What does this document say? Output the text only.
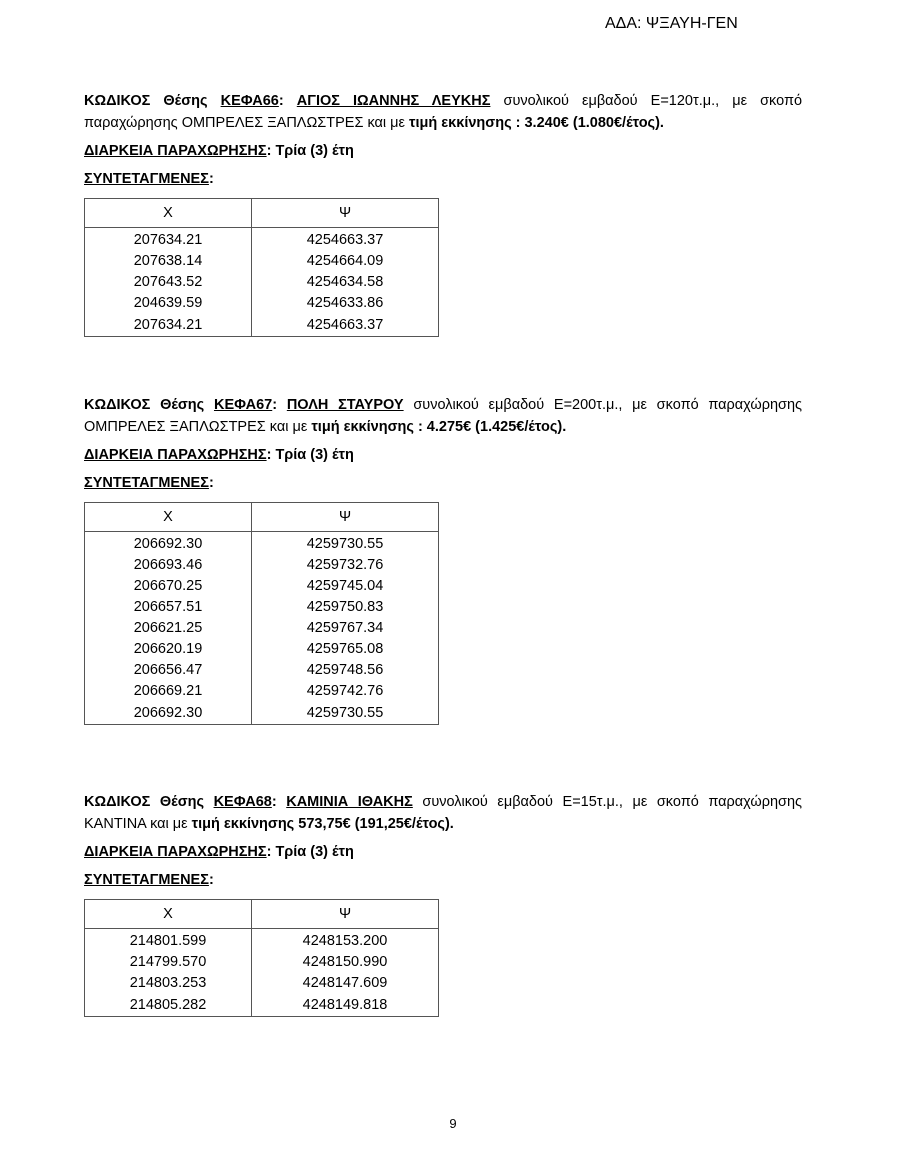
ΑΔΑ: ΨΞΑΥΗ-ΓΕΝ

ΚΩΔΙΚΟΣ Θέσης ΚΕΦΑ66: ΑΓΙΟΣ ΙΩΑΝΝΗΣ ΛΕΥΚΗΣ συνολικού εμβαδού Ε=120τ.μ., με σκοπό παραχώρησης ΟΜΠΡΕΛΕΣ ΞΑΠΛΩΣΤΡΕΣ και με τιμή εκκίνησης : 3.240€ (1.080€/έτος).

ΔΙΑΡΚΕΙΑ ΠΑΡΑΧΩΡΗΣΗΣ: Τρία (3) έτη
ΣΥΝΤΕΤΑΓΜΕΝΕΣ:
Χ	Ψ
207634.21	4254663.37
207638.14	4254664.09
207643.52	4254634.58
204639.59	4254633.86
207634.21	4254663.37

ΚΩΔΙΚΟΣ Θέσης ΚΕΦΑ67: ΠΟΛΗ ΣΤΑΥΡΟΥ συνολικού εμβαδού Ε=200τ.μ., με σκοπό παραχώρησης ΟΜΠΡΕΛΕΣ ΞΑΠΛΩΣΤΡΕΣ και με τιμή εκκίνησης : 4.275€ (1.425€/έτος).

ΔΙΑΡΚΕΙΑ ΠΑΡΑΧΩΡΗΣΗΣ: Τρία (3) έτη
ΣΥΝΤΕΤΑΓΜΕΝΕΣ:
Χ	Ψ
206692.30	4259730.55
206693.46	4259732.76
206670.25	4259745.04
206657.51	4259750.83
206621.25	4259767.34
206620.19	4259765.08
206656.47	4259748.56
206669.21	4259742.76
206692.30	4259730.55

ΚΩΔΙΚΟΣ Θέσης ΚΕΦΑ68: ΚΑΜΙΝΙΑ ΙΘΑΚΗΣ συνολικού εμβαδού Ε=15τ.μ., με σκοπό παραχώρησης ΚΑΝΤΙΝΑ και με τιμή εκκίνησης 573,75€ (191,25€/έτος).

ΔΙΑΡΚΕΙΑ ΠΑΡΑΧΩΡΗΣΗΣ: Τρία (3) έτη
ΣΥΝΤΕΤΑΓΜΕΝΕΣ:
Χ	Ψ
214801.599	4248153.200
214799.570	4248150.990
214803.253	4248147.609
214805.282	4248149.818
9
